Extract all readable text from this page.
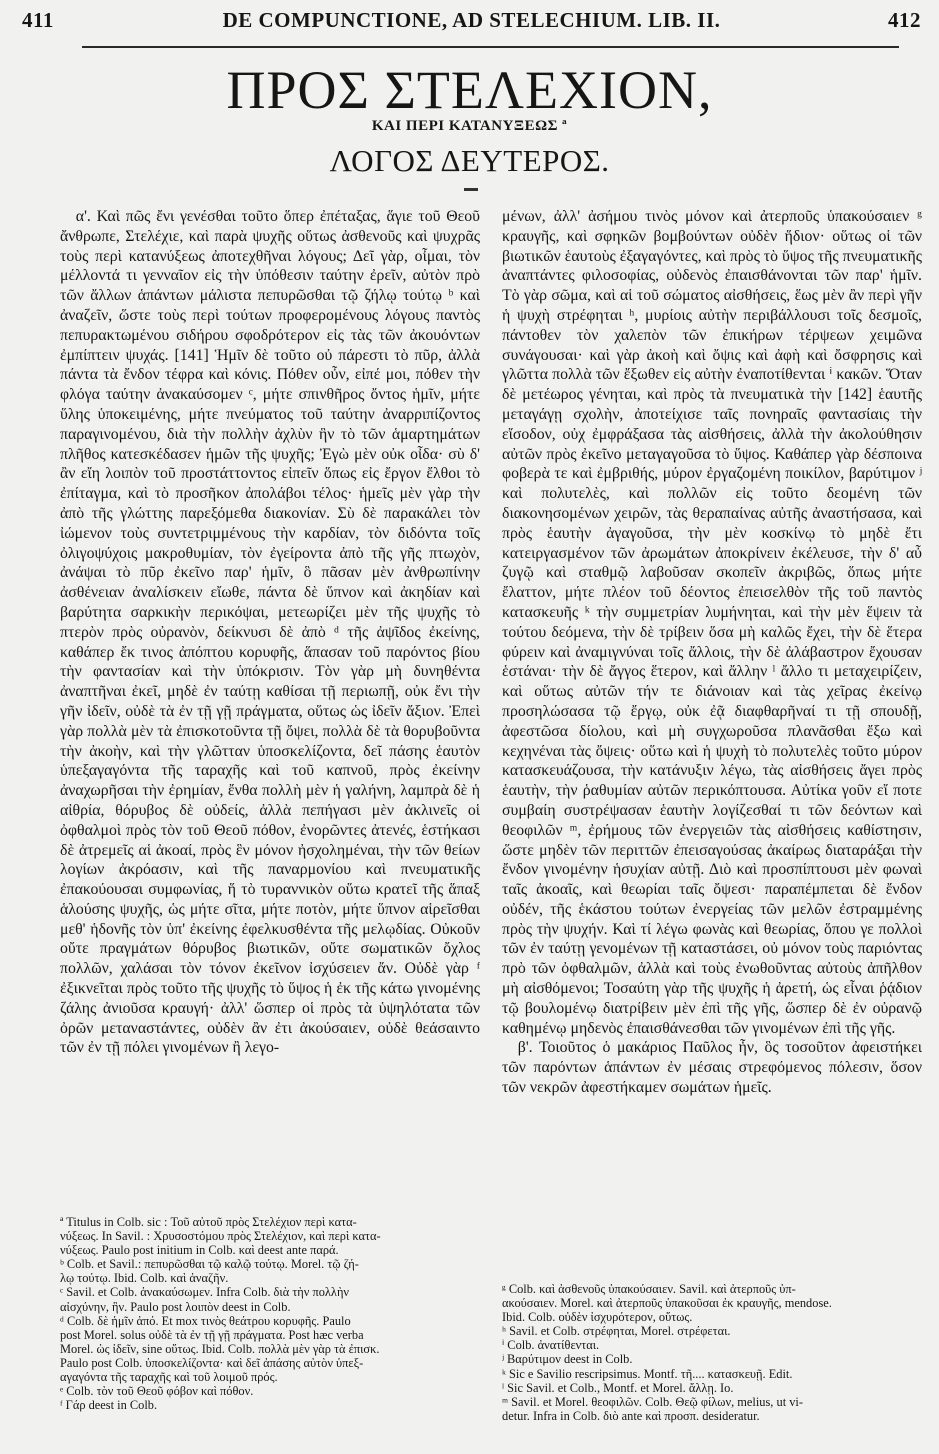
411	DE COMPUNCTIONE, AD STELECHIUM. LIB. II.	412
ΠΡΟΣ ΣΤΕΛΕΧΙΟΝ,
ΚΑΙ ΠΕΡΙ ΚΑΤΑΝΥΞΕΩΣ ª
ΛΟΓΟΣ ΔΕΥΤΕΡΟΣ.

α'. Καὶ πῶς ἔνι γενέσθαι τοῦτο ὅπερ ἐπέταξας, ἅγιε τοῦ Θεοῦ ἄνθρωπε, Στελέχιε, καὶ παρὰ ψυχῆς οὕτως ἀσθενοῦς καὶ ψυχρᾶς τοὺς περὶ κατανύξεως ἀποτεχθῆναι λόγους; Δεῖ γὰρ, οἶμαι, τὸν μέλλοντά τι γενναῖον εἰς τὴν ὑπόθεσιν ταύτην ἐρεῖν, αὐτὸν πρὸ τῶν ἄλλων ἁπάντων μάλιστα πεπυρῶσθαι τῷ ζήλῳ τούτῳ ᵇ καὶ ἀναζεῖν, ὥστε τοὺς περὶ τούτων προφερομένους λόγους παντὸς πεπυρακτωμένου σιδήρου σφοδρότερον εἰς τὰς τῶν ἀκουόντων ἐμπίπτειν ψυχάς. [141] Ἡμῖν δὲ τοῦτο οὐ πάρεστι τὸ πῦρ, ἀλλὰ πάντα τὰ ἔνδον τέφρα καὶ κόνις. Πόθεν οὖν, εἰπέ μοι, πόθεν τὴν φλόγα ταύτην ἀνακαύσομεν ᶜ, μήτε σπινθῆρος ὄντος ἡμῖν, μήτε ὕλης ὑποκειμένης, μήτε πνεύματος τοῦ ταύτην ἀναρριπίζοντος παραγινομένου, διὰ τὴν πολλὴν ἀχλὺν ἣν τὸ τῶν ἁμαρτημάτων πλῆθος κατεσκέδασεν ἡμῶν τῆς ψυχῆς; Ἐγὼ μὲν οὐκ οἶδα· σὺ δ' ἂν εἴη λοιπὸν τοῦ προστάττοντος εἰπεῖν ὅπως εἰς ἔργον ἔλθοι τὸ ἐπίταγμα, καὶ τὸ προσῆκον ἀπολάβοι τέλος· ἡμεῖς μὲν γὰρ τὴν ἀπὸ τῆς γλώττης παρεξόμεθα διακονίαν. Σὺ δὲ παρακάλει τὸν ἰώμενον τοὺς συντετριμμένους τὴν καρδίαν, τὸν διδόντα τοῖς ὀλιγοψύχοις μακροθυμίαν, τὸν ἐγείροντα ἀπὸ τῆς γῆς πτωχὸν, ἀνάψαι τὸ πῦρ ἐκεῖνο παρ' ἡμῖν, ὃ πᾶσαν μὲν ἀνθρωπίνην ἀσθένειαν ἀναλίσκειν εἴωθε, πάντα δὲ ὕπνον καὶ ἀκηδίαν καὶ βαρύτητα σαρκικὴν περικόψαι, μετεωρίζει μὲν τῆς ψυχῆς τὸ πτερὸν πρὸς οὐρανὸν, δείκνυσι δὲ ἀπὸ ᵈ τῆς ἀψῖδος ἐκείνης, καθάπερ ἔκ τινος ἀπόπτου κορυφῆς, ἅπασαν τοῦ παρόντος βίου τὴν φαντασίαν καὶ τὴν ὑπόκρισιν. Τὸν γὰρ μὴ δυνηθέντα ἀναπτῆναι ἐκεῖ, μηδὲ ἐν ταύτῃ καθίσαι τῇ περιωπῇ, οὐκ ἔνι τὴν γῆν ἰδεῖν, οὐδὲ τὰ ἐν τῇ γῇ πράγματα, οὕτως ὡς ἰδεῖν ἄξιον. Ἐπεὶ γὰρ πολλὰ μὲν τὰ ἐπισκοτοῦντα τῇ ὄψει, πολλὰ δὲ τὰ θορυβοῦντα τὴν ἀκοὴν, καὶ τὴν γλῶτταν ὑποσκελίζοντα, δεῖ πάσης ἑαυτὸν ὑπεξαγαγόντα τῆς ταραχῆς καὶ τοῦ καπνοῦ, πρὸς ἐκείνην ἀναχωρῆσαι τὴν ἐρημίαν, ἔνθα πολλὴ μὲν ἡ γαλήνη, λαμπρὰ δὲ ἡ αἰθρία, θόρυβος δὲ οὐδείς, ἀλλὰ πεπήγασι μὲν ἀκλινεῖς οἱ ὀφθαλμοὶ πρὸς τὸν τοῦ Θεοῦ πόθον, ἐνορῶντες ἀτενές, ἑστήκασι δὲ ἀτρεμεῖς αἱ ἀκοαί, πρὸς ἓν μόνον ἠσχολημέναι, τὴν τῶν θείων λογίων ἀκρόασιν, καὶ τῆς παναρμονίου καὶ πνευματικῆς ἐπακούουσαι συμφωνίας, ἥ τὸ τυραννικὸν οὕτω κρατεῖ τῆς ἅπαξ ἁλούσης ψυχῆς, ὡς μήτε σῖτα, μήτε ποτὸν, μήτε ὕπνον αἱρεῖσθαι μεθ' ἡδονῆς τὸν ὑπ' ἐκείνης ἐφελκυσθέντα τῆς μελῳδίας. Οὐκοῦν οὔτε πραγμάτων θόρυβος βιωτικῶν, οὔτε σωματικῶν ὄχλος πολλῶν, χαλάσαι τὸν τόνον ἐκεῖνον ἰσχύσειεν ἄν. Οὐδὲ γὰρ ᶠ ἐξικνεῖται πρὸς τοῦτο τῆς ψυχῆς τὸ ὕψος ἡ ἐκ τῆς κάτω γινομένης ζάλης ἀνιοῦσα κραυγή· ἀλλ' ὥσπερ οἱ πρὸς τὰ ὑψηλότατα τῶν ὀρῶν μεταναστάντες, οὐδὲν ἂν ἐτι ἀκούσαιεν, οὐδὲ θεάσαιντο τῶν ἐν τῇ πόλει γινομένων ἢ λεγο-

μένων, ἀλλ' ἀσήμου τινὸς μόνον καὶ ἀτερποῦς ὑπακούσαιεν ᵍ κραυγῆς, καὶ σφηκῶν βομβούντων οὐδὲν ἥδιον· οὕτως οἱ τῶν βιωτικῶν ἑαυτοὺς ἐξαγαγόντες, καὶ πρὸς τὸ ὕψος τῆς πνευματικῆς ἀναπτάντες φιλοσοφίας, οὐδενὸς ἐπαισθάνονται τῶν παρ' ἡμῖν. Τὸ γὰρ σῶμα, καὶ αἱ τοῦ σώματος αἰσθήσεις, ἕως μὲν ἂν περὶ γῆν ἡ ψυχὴ στρέφηται ʰ, μυρίοις αὐτὴν περιβάλλουσι τοῖς δεσμοῖς, πάντοθεν τὸν χαλεπὸν τῶν ἐπικήρων τέρψεων χειμῶνα συνάγουσαι· καὶ γὰρ ἀκοὴ καὶ ὄψις καὶ ἀφὴ καὶ ὄσφρησις καὶ γλῶττα πολλὰ τῶν ἔξωθεν εἰς αὐτὴν ἐναποτίθενται ⁱ κακῶν. Ὅταν δὲ μετέωρος γένηται, καὶ πρὸς τὰ πνευματικὰ τὴν [142] ἑαυτῆς μεταγάγῃ σχολὴν, ἀποτείχισε ταῖς πονηραῖς φαντασίαις τὴν εἴσοδον, οὐχ ἐμφράξασα τὰς αἰσθήσεις, ἀλλὰ τὴν ἀκολούθησιν αὐτῶν πρὸς ἐκεῖνο μεταγαγοῦσα τὸ ὕψος. Καθάπερ γὰρ δέσποινα φοβερὰ τε καὶ ἐμβριθής, μύρον ἐργαζομένη ποικίλον, βαρύτιμον ʲ καὶ πολυτελὲς, καὶ πολλῶν εἰς τοῦτο δεομένη τῶν διακονησομένων χειρῶν, τὰς θεραπαίνας αὐτῆς ἀναστήσασα, καὶ πρὸς ἑαυτὴν ἀγαγοῦσα, τὴν μὲν κοσκίνῳ τὸ μηδὲ ἔτι κατειργασμένον τῶν ἀρωμάτων ἀποκρίνειν ἐκέλευσε, τὴν δ' αὖ ζυγῷ καὶ σταθμῷ λαβοῦσαν σκοπεῖν ἀκριβῶς, ὅπως μήτε ἔλαττον, μήτε πλέον τοῦ δέοντος ἐπεισελθὸν τῆς τοῦ παντὸς κατασκευῆς ᵏ τὴν συμμετρίαν λυμήνηται, καὶ τὴν μὲν ἕψειν τὰ τούτου δεόμενα, τὴν δὲ τρίβειν ὅσα μὴ καλῶς ἔχει, τὴν δὲ ἕτερα φύρειν καὶ ἀναμιγνύναι τοῖς ἄλλοις, τὴν δὲ ἀλάβαστρον ἔχουσαν ἑστάναι· τὴν δὲ ἄγγος ἕτερον, καὶ ἄλλην ˡ ἄλλο τι μεταχειρίζειν, καὶ οὕτως αὐτῶν τήν τε διάνοιαν καὶ τὰς χεῖρας ἐκείνῳ προσηλώσασα τῷ ἔργῳ, οὐκ ἐᾷ διαφθαρῆναί τι τῇ σπουδῇ, ἀφεστῶσα δίολου, καὶ μὴ συγχωροῦσα πλανᾶσθαι ἔξω καὶ κεχηνέναι τὰς ὄψεις· οὕτω καὶ ἡ ψυχὴ τὸ πολυτελὲς τοῦτο μύρον κατασκευάζουσα, τὴν κατάνυξιν λέγω, τὰς αἰσθήσεις ἄγει πρὸς ἑαυτὴν, τὴν ῥαθυμίαν αὐτῶν περικόπτουσα. Αὐτίκα γοῦν εἴ ποτε συμβαίη συστρέψασαν ἑαυτὴν λογίζεσθαί τι τῶν δεόντων καὶ θεοφιλῶν ᵐ, ἐρήμους τῶν ἐνεργειῶν τὰς αἰσθήσεις καθίστησιν, ὥστε μηδὲν τῶν περιττῶν ἐπεισαγούσας ἀκαίρως διαταράξαι τὴν ἔνδον γινομένην ἡσυχίαν αὐτῇ. Διὸ καὶ προσπίπτουσι μὲν φωναὶ ταῖς ἀκοαῖς, καὶ θεωρίαι ταῖς ὄψεσι· παραπέμπεται δὲ ἔνδον οὐδέν, τῆς ἑκάστου τούτων ἐνεργείας τῶν μελῶν ἐστραμμένης πρὸς τὴν ψυχήν. Καὶ τί λέγω φωνὰς καὶ θεωρίας, ὅπου γε πολλοὶ τῶν ἐν ταύτῃ γενομένων τῇ καταστάσει, οὐ μόνον τοὺς παριόντας πρὸ τῶν ὀφθαλμῶν, ἀλλὰ καὶ τοὺς ἐνωθοῦντας αὐτοὺς ἀπῆλθον μὴ αἰσθόμενοι; Τοσαύτη γὰρ τῆς ψυχῆς ἡ ἀρετή, ὡς εἶναι ῥᾴδιον τῷ βουλομένῳ διατρίβειν μὲν ἐπὶ τῆς γῆς, ὥσπερ δὲ ἐν οὐρανῷ καθημένῳ μηδενὸς ἐπαισθάνεσθαι τῶν γινομένων ἐπὶ τῆς γῆς.

β'. Τοιοῦτος ὁ μακάριος Παῦλος ἦν, ὃς τοσοῦτον ἀφειστήκει τῶν παρόντων ἁπάντων ἐν μέσαις στρεφόμενος πόλεσιν, ὅσον τῶν νεκρῶν ἀφεστήκαμεν σωμάτων ἡμεῖς.

ª Titulus in Colb. sic : Τοῦ αὐτοῦ πρὸς Στελέχιον περὶ κατα-
νύξεως. In Savil. : Χρυσοστόμου πρὸς Στελέχιον, καὶ περὶ κατα-
νύξεως. Paulo post initium in Colb. καὶ deest ante παρά.
ᵇ Colb. et Savil.: πεπυρῶσθαι τῷ καλῷ τούτῳ. Morel. τῷ ζή-
λῳ τούτῳ. Ibid. Colb. καὶ ἀναζῆν.
ᶜ Savil. et Colb. ἀνακαύσωμεν. Infra Colb. διὰ τὴν πολλὴν
αἰσχύνην, ἣν. Paulo post λοιπὸν deest in Colb.
ᵈ Colb. δὲ ἡμῖν ἀπό. Et mox τινὸς θεάτρου κορυφῆς. Paulo
post Morel. solus οὐδὲ τὰ ἐν τῇ γῇ πράγματα. Post hæc verba
Morel. ὡς ἰδεῖν, sine οὕτως. Ibid. Colb. πολλὰ μὲν γὰρ τὰ ἐπισκ.
Paulo post Colb. ὑποσκελίζοντα· καὶ δεῖ ἀπάσης αὐτὸν ὑπεξ-
αγαγόντα τῆς ταραχῆς καὶ τοῦ λοιμοῦ πρός.
ᵉ Colb. τὸν τοῦ Θεοῦ φόβον καὶ πόθον.
ᶠ Γάρ deest in Colb.
ᵍ Colb. καὶ ἀσθενοῦς ὑπακούσαιεν. Savil. καὶ ἀτερποῦς ὑπ-
ακούσαιεν. Morel. καὶ ἀτερποῦς ὑπακοῦσαι ἐκ κραυγῆς, mendose.
Ibid. Colb. οὐδὲν ἰσχυρότερον, οὕτως.
ʰ Savil. et Colb. στρέφηται, Morel. στρέφεται.
ⁱ Colb. ἀνατίθενται.
ʲ Βαρύτιμον deest in Colb.
ᵏ Sic e Savilio rescripsimus. Montf. τῆ.... κατασκευῇ. Edit.
ˡ Sic Savil. et Colb., Montf. et Morel. ἄλλῃ. Io.
ᵐ Savil. et Morel. θεοφιλῶν. Colb. Θεῷ φίλων, melius, ut vi-
detur. Infra in Colb. διὸ ante καὶ προσπ. desideratur.
